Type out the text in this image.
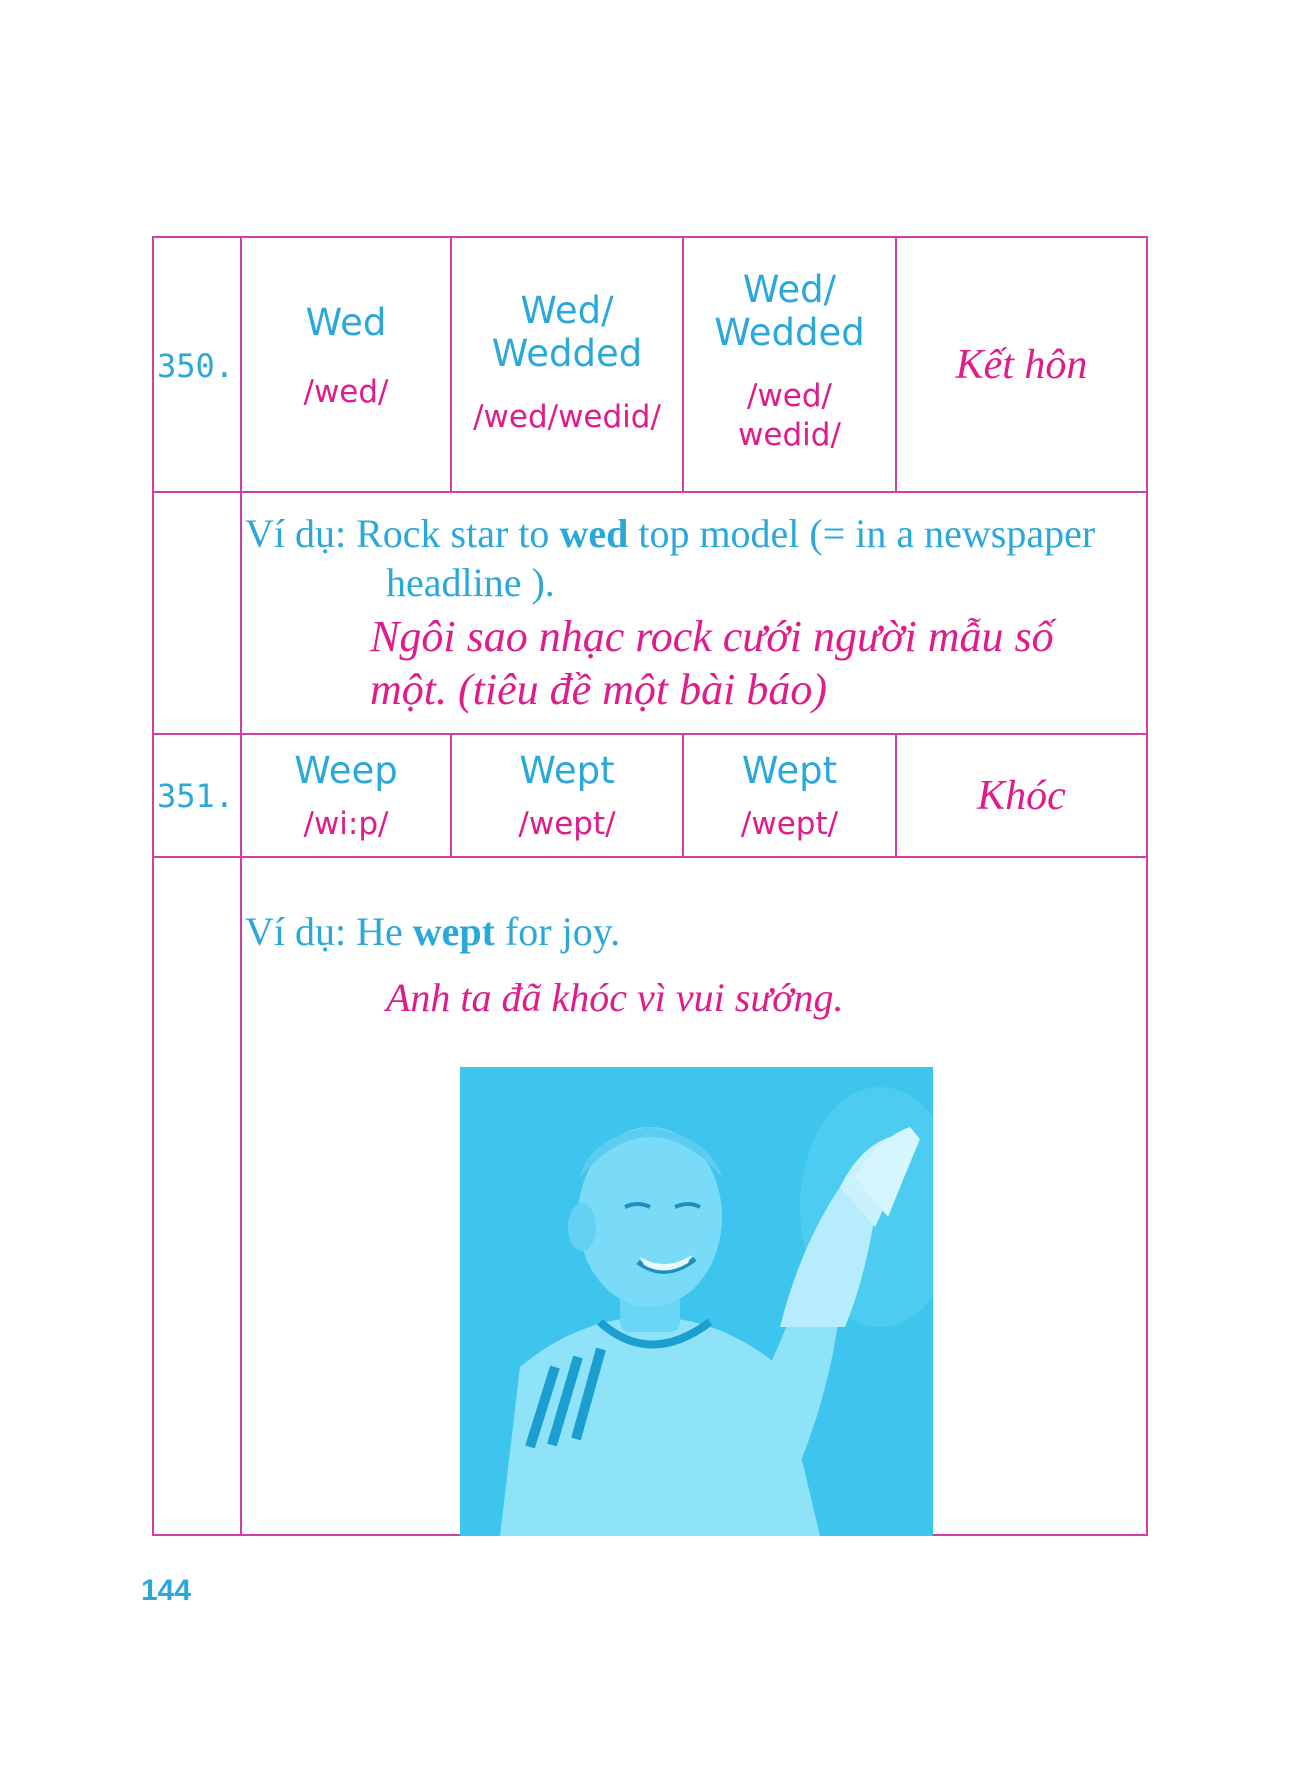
350.
Wed
/wed/
Wed/
Wedded
/wed/wedid/
Wed/
Wedded
/wed/
wedid/
Kết hôn
Ví dụ: Rock star to wed top model (= in a newspaper
headline ).
Ngôi sao nhạc rock cưới người mẫu số
một. (tiêu đề một bài báo)
351.
Weep
/wi:p/
Wept
/wept/
Wept
/wept/
Khóc
Ví dụ: He wept for joy.
Anh ta đã khóc vì vui sướng.
144
